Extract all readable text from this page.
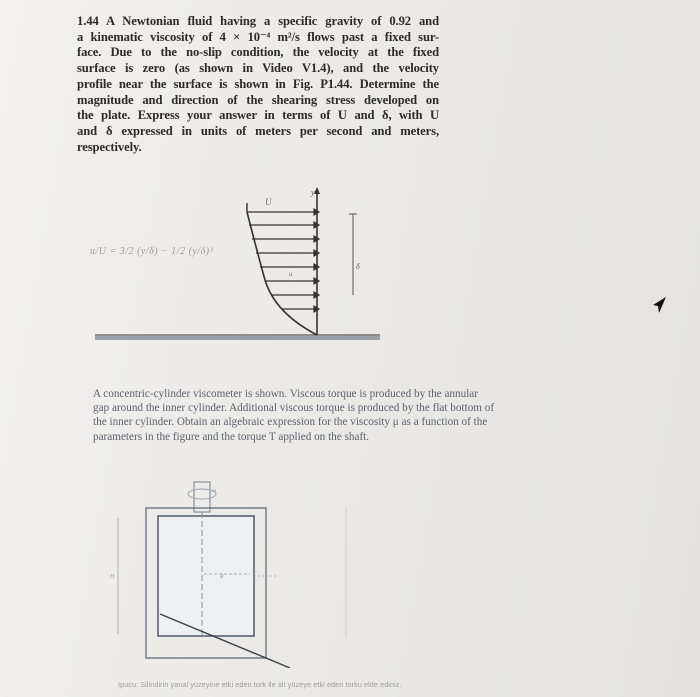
1.44 A Newtonian fluid having a specific gravity of 0.92 and
a kinematic viscosity of 4 × 10⁻⁴ m²/s flows past a fixed sur-
face. Due to the no-slip condition, the velocity at the fixed
surface is zero (as shown in Video V1.4), and the velocity
profile near the surface is shown in Fig. P1.44. Determine the
magnitude and direction of the shearing stress developed on
the plate. Express your answer in terms of U and δ, with U
and δ expressed in units of meters per second and meters,
respectively.
u/U = 3/2 (y/δ) − 1/2 (y/δ)³
y
U
u
δ
A concentric-cylinder viscometer is shown. Viscous torque is produced by the annular
gap around the inner cylinder. Additional viscous torque is produced by the flat bottom of
the inner cylinder. Obtain an algebraic expression for the viscosity μ as a function of the
parameters in the figure and the torque T applied on the shaft.
ω
R
H
Ipucu: Silindirin yanal yüzeyine etki eden tork ile alt yüzeye etki eden torku elde ediniz.
